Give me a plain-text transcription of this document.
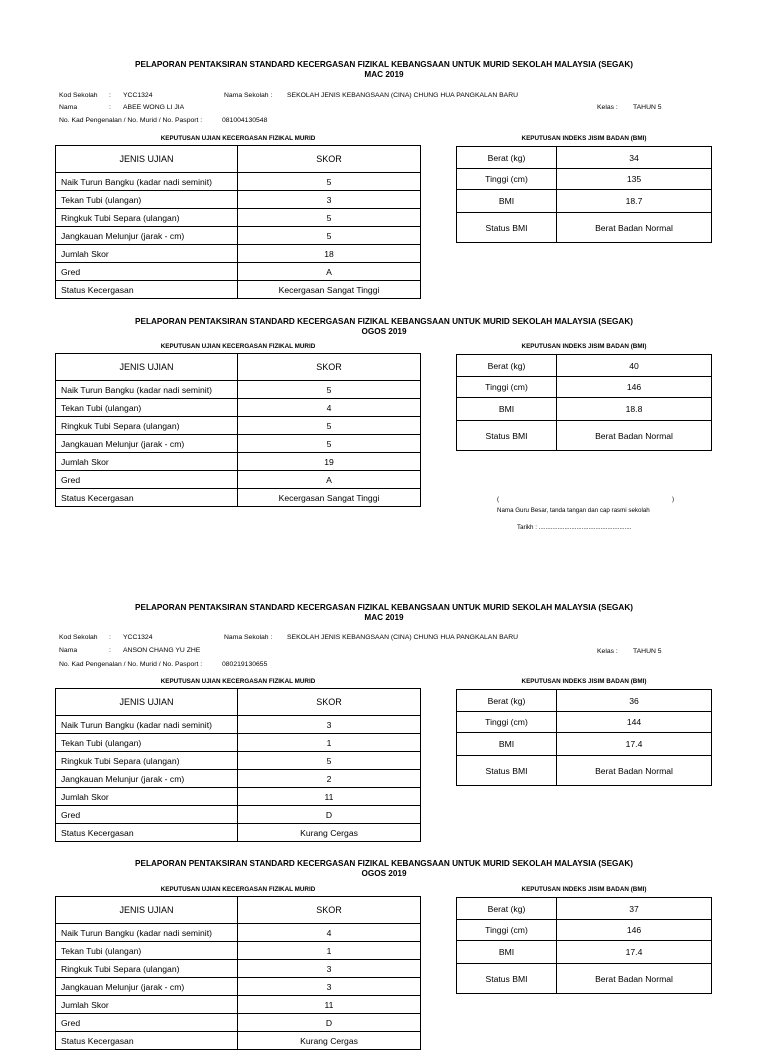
PELAPORAN PENTAKSIRAN STANDARD KECERGASAN FIZIKAL KEBANGSAAN UNTUK MURID SEKOLAH MALAYSIA (SEGAK)
MAC 2019
Kod Sekolah : YCC1324	Nama Sekolah : SEKOLAH JENIS KEBANGSAAN (CINA) CHUNG HUA PANGKALAN BARU
Nama	: ABEE WONG LI JIA	Kelas : TAHUN 5
No. Kad Pengenalan / No. Murid / No. Pasport :	081004130548
KEPUTUSAN UJIAN KECERGASAN FIZIKAL MURID	KEPUTUSAN INDEKS JISIM BADAN (BMI)
JENIS UJIAN	SKOR
Naik Turun Bangku (kadar nadi seminit)	5
Tekan Tubi (ulangan)	3
Ringkuk Tubi Separa (ulangan)	5
Jangkauan Melunjur (jarak - cm)	5
Jumlah Skor	18
Gred	A
Status Kecergasan	Kecergasan Sangat Tinggi
Berat (kg)	34
Tinggi (cm)	135
BMI	18.7
Status BMI	Berat Badan Normal
PELAPORAN PENTAKSIRAN STANDARD KECERGASAN FIZIKAL KEBANGSAAN UNTUK MURID SEKOLAH MALAYSIA (SEGAK)
OGOS 2019
KEPUTUSAN UJIAN KECERGASAN FIZIKAL MURID	KEPUTUSAN INDEKS JISIM BADAN (BMI)
JENIS UJIAN	SKOR
Naik Turun Bangku (kadar nadi seminit)	5
Tekan Tubi (ulangan)	4
Ringkuk Tubi Separa (ulangan)	5
Jangkauan Melunjur (jarak - cm)	5
Jumlah Skor	19
Gred	A
Status Kecergasan	Kecergasan Sangat Tinggi
Berat (kg)	40
Tinggi (cm)	146
BMI	18.8
Status BMI	Berat Badan Normal
(	)
Nama Guru Besar, tanda tangan dan cap rasmi sekolah
Tarikh : ......................................................
PELAPORAN PENTAKSIRAN STANDARD KECERGASAN FIZIKAL KEBANGSAAN UNTUK MURID SEKOLAH MALAYSIA (SEGAK)
MAC 2019
Kod Sekolah : YCC1324	Nama Sekolah : SEKOLAH JENIS KEBANGSAAN (CINA) CHUNG HUA PANGKALAN BARU
Nama	: ANSON CHANG YU ZHE	Kelas : TAHUN 5
No. Kad Pengenalan / No. Murid / No. Pasport :	080219130655
KEPUTUSAN UJIAN KECERGASAN FIZIKAL MURID	KEPUTUSAN INDEKS JISIM BADAN (BMI)
JENIS UJIAN	SKOR
Naik Turun Bangku (kadar nadi seminit)	3
Tekan Tubi (ulangan)	1
Ringkuk Tubi Separa (ulangan)	5
Jangkauan Melunjur (jarak - cm)	2
Jumlah Skor	11
Gred	D
Status Kecergasan	Kurang Cergas
Berat (kg)	36
Tinggi (cm)	144
BMI	17.4
Status BMI	Berat Badan Normal
PELAPORAN PENTAKSIRAN STANDARD KECERGASAN FIZIKAL KEBANGSAAN UNTUK MURID SEKOLAH MALAYSIA (SEGAK)
OGOS 2019
KEPUTUSAN UJIAN KECERGASAN FIZIKAL MURID	KEPUTUSAN INDEKS JISIM BADAN (BMI)
JENIS UJIAN	SKOR
Naik Turun Bangku (kadar nadi seminit)	4
Tekan Tubi (ulangan)	1
Ringkuk Tubi Separa (ulangan)	3
Jangkauan Melunjur (jarak - cm)	3
Jumlah Skor	11
Gred	D
Status Kecergasan	Kurang Cergas
Berat (kg)	37
Tinggi (cm)	146
BMI	17.4
Status BMI	Berat Badan Normal
